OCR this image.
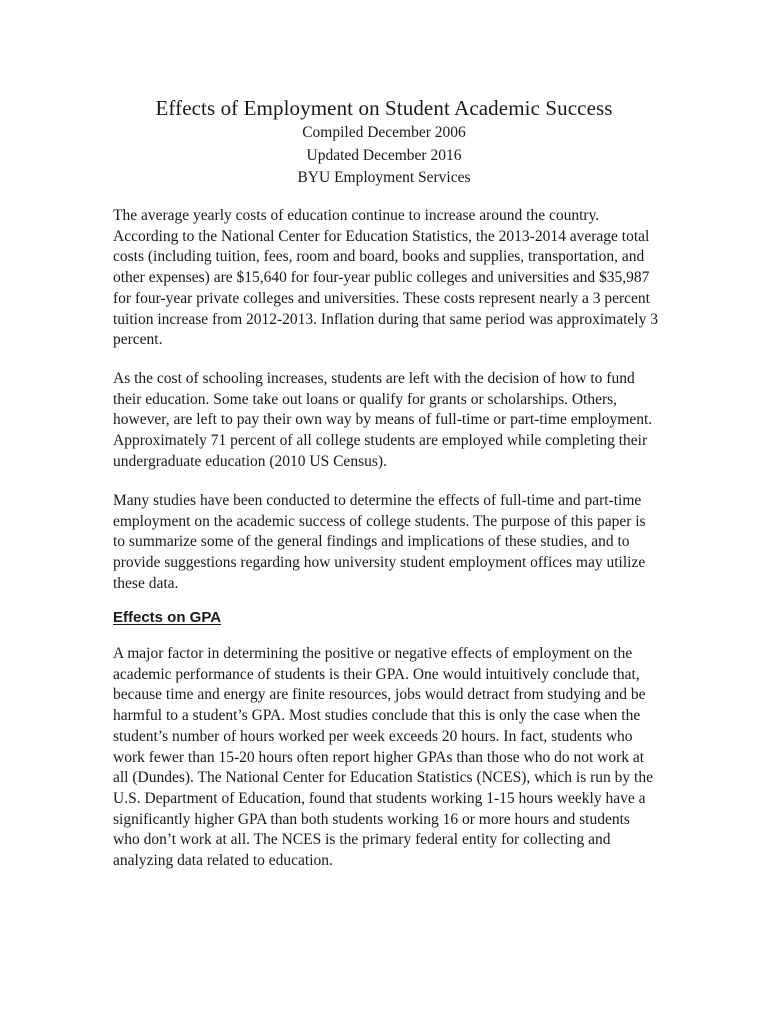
Effects of Employment on Student Academic Success

Compiled December 2006

Updated December 2016

BYU Employment Services

The average yearly costs of education continue to increase around the country. According to the National Center for Education Statistics, the 2013-2014 average total costs (including tuition, fees, room and board, books and supplies, transportation, and other expenses) are $15,640 for four-year public colleges and universities and $35,987 for four-year private colleges and universities. These costs represent nearly a 3 percent tuition increase from 2012-2013. Inflation during that same period was approximately 3 percent.

As the cost of schooling increases, students are left with the decision of how to fund their education. Some take out loans or qualify for grants or scholarships. Others, however, are left to pay their own way by means of full-time or part-time employment. Approximately 71 percent of all college students are employed while completing their undergraduate education (2010 US Census).

Many studies have been conducted to determine the effects of full-time and part-time employment on the academic success of college students. The purpose of this paper is to summarize some of the general findings and implications of these studies, and to provide suggestions regarding how university student employment offices may utilize these data.

Effects on GPA

A major factor in determining the positive or negative effects of employment on the academic performance of students is their GPA. One would intuitively conclude that, because time and energy are finite resources, jobs would detract from studying and be harmful to a student’s GPA. Most studies conclude that this is only the case when the student’s number of hours worked per week exceeds 20 hours. In fact, students who work fewer than 15-20 hours often report higher GPAs than those who do not work at all (Dundes). The National Center for Education Statistics (NCES), which is run by the U.S. Department of Education, found that students working 1-15 hours weekly have a significantly higher GPA than both students working 16 or more hours and students who don’t work at all. The NCES is the primary federal entity for collecting and analyzing data related to education.
